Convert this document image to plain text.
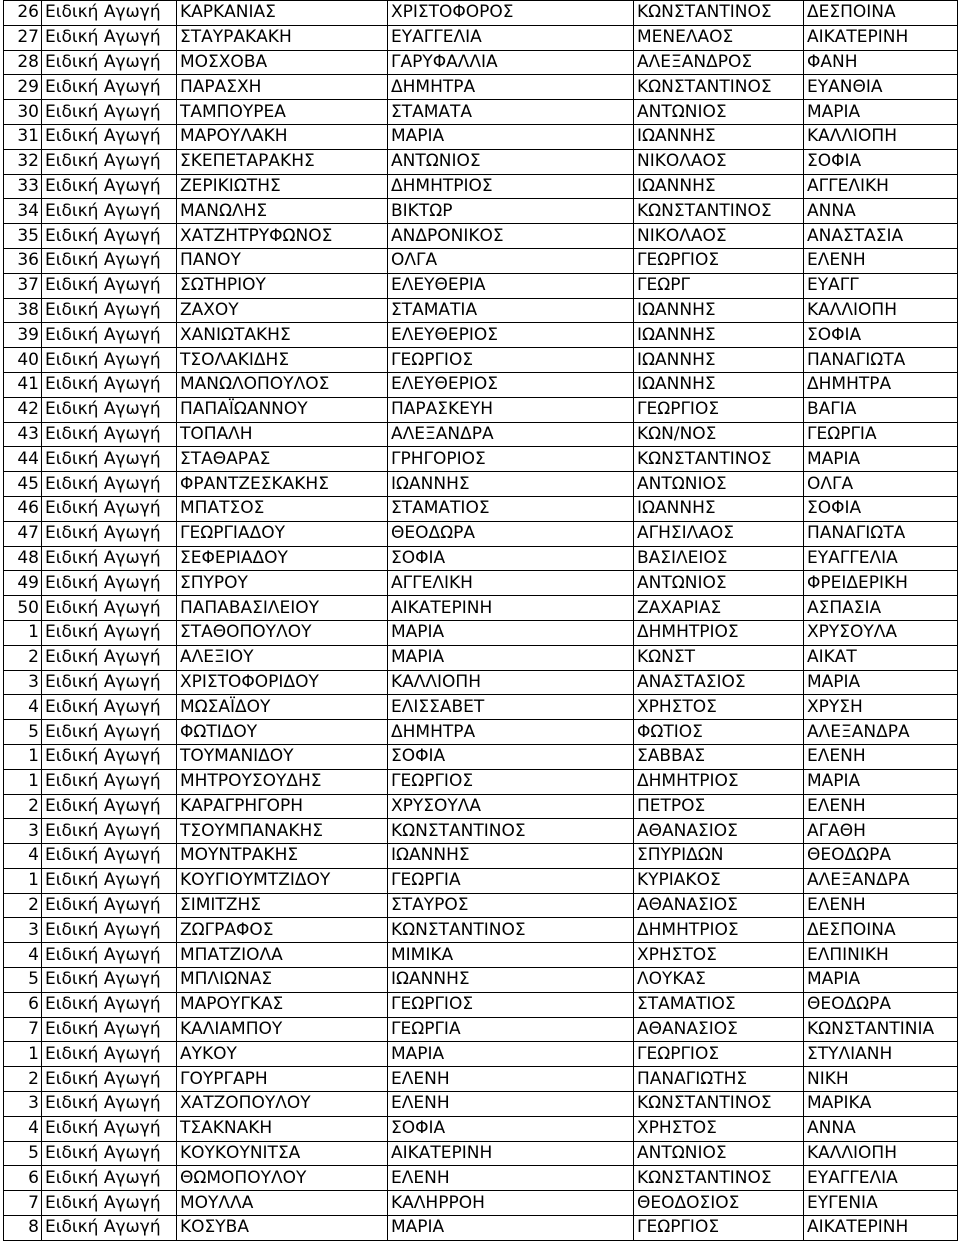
26	Ειδική Αγωγή	ΚΑΡΚΑΝΙΑΣ	ΧΡΙΣΤΟΦΟΡΟΣ	ΚΩΝΣΤΑΝΤΙΝΟΣ	ΔΕΣΠΟΙΝΑ
27	Ειδική Αγωγή	ΣΤΑΥΡΑΚΑΚΗ	ΕΥΑΓΓΕΛΙΑ	ΜΕΝΕΛΑΟΣ	ΑΙΚΑΤΕΡΙΝΗ
28	Ειδική Αγωγή	ΜΟΣΧΟΒΑ	ΓΑΡΥΦΑΛΛΙΑ	ΑΛΕΞΑΝΔΡΟΣ	ΦΑΝΗ
29	Ειδική Αγωγή	ΠΑΡΑΣΧΗ	ΔΗΜΗΤΡΑ	ΚΩΝΣΤΑΝΤΙΝΟΣ	ΕΥΑΝΘΙΑ
30	Ειδική Αγωγή	ΤΑΜΠΟΥΡΕΑ	ΣΤΑΜΑΤΑ	ΑΝΤΩΝΙΟΣ	ΜΑΡΙΑ
31	Ειδική Αγωγή	ΜΑΡΟΥΛΑΚΗ	ΜΑΡΙΑ	ΙΩΑΝΝΗΣ	ΚΑΛΛΙΟΠΗ
32	Ειδική Αγωγή	ΣΚΕΠΕΤΑΡΑΚΗΣ	ΑΝΤΩΝΙΟΣ	ΝΙΚΟΛΑΟΣ	ΣΟΦΙΑ
33	Ειδική Αγωγή	ΖΕΡΙΚΙΩΤΗΣ	ΔΗΜΗΤΡΙΟΣ	ΙΩΑΝΝΗΣ	ΑΓΓΕΛΙΚΗ
34	Ειδική Αγωγή	ΜΑΝΩΛΗΣ	ΒΙΚΤΩΡ	ΚΩΝΣΤΑΝΤΙΝΟΣ	ΑΝΝΑ
35	Ειδική Αγωγή	ΧΑΤΖΗΤΡΥΦΩΝΟΣ	ΑΝΔΡΟΝΙΚΟΣ	ΝΙΚΟΛΑΟΣ	ΑΝΑΣΤΑΣΙΑ
36	Ειδική Αγωγή	ΠΑΝΟΥ	ΟΛΓΑ	ΓΕΩΡΓΙΟΣ	ΕΛΕΝΗ
37	Ειδική Αγωγή	ΣΩΤΗΡΙΟΥ	ΕΛΕΥΘΕΡΙΑ	ΓΕΩΡΓ	ΕΥΑΓΓ
38	Ειδική Αγωγή	ΖΑΧΟΥ	ΣΤΑΜΑΤΙΑ	ΙΩΑΝΝΗΣ	ΚΑΛΛΙΟΠΗ
39	Ειδική Αγωγή	ΧΑΝΙΩΤΑΚΗΣ	ΕΛΕΥΘΕΡΙΟΣ	ΙΩΑΝΝΗΣ	ΣΟΦΙΑ
40	Ειδική Αγωγή	ΤΣΟΛΑΚΙΔΗΣ	ΓΕΩΡΓΙΟΣ	ΙΩΑΝΝΗΣ	ΠΑΝΑΓΙΩΤΑ
41	Ειδική Αγωγή	ΜΑΝΩΛΟΠΟΥΛΟΣ	ΕΛΕΥΘΕΡΙΟΣ	ΙΩΑΝΝΗΣ	ΔΗΜΗΤΡΑ
42	Ειδική Αγωγή	ΠΑΠΑΪΩΑΝΝΟΥ	ΠΑΡΑΣΚΕΥΗ	ΓΕΩΡΓΙΟΣ	ΒΑΓΙΑ
43	Ειδική Αγωγή	ΤΟΠΑΛΗ	ΑΛΕΞΑΝΔΡΑ	ΚΩΝ/ΝΟΣ	ΓΕΩΡΓΙΑ
44	Ειδική Αγωγή	ΣΤΑΘΑΡΑΣ	ΓΡΗΓΟΡΙΟΣ	ΚΩΝΣΤΑΝΤΙΝΟΣ	ΜΑΡΙΑ
45	Ειδική Αγωγή	ΦΡΑΝΤΖΕΣΚΑΚΗΣ	ΙΩΑΝΝΗΣ	ΑΝΤΩΝΙΟΣ	ΟΛΓΑ
46	Ειδική Αγωγή	ΜΠΑΤΣΟΣ	ΣΤΑΜΑΤΙΟΣ	ΙΩΑΝΝΗΣ	ΣΟΦΙΑ
47	Ειδική Αγωγή	ΓΕΩΡΓΙΑΔΟΥ	ΘΕΟΔΩΡΑ	ΑΓΗΣΙΛΑΟΣ	ΠΑΝΑΓΙΩΤΑ
48	Ειδική Αγωγή	ΣΕΦΕΡΙΑΔΟΥ	ΣΟΦΙΑ	ΒΑΣΙΛΕΙΟΣ	ΕΥΑΓΓΕΛΙΑ
49	Ειδική Αγωγή	ΣΠΥΡΟΥ	ΑΓΓΕΛΙΚΗ	ΑΝΤΩΝΙΟΣ	ΦΡΕΙΔΕΡΙΚΗ
50	Ειδική Αγωγή	ΠΑΠΑΒΑΣΙΛΕΙΟΥ	ΑΙΚΑΤΕΡΙΝΗ	ΖΑΧΑΡΙΑΣ	ΑΣΠΑΣΙΑ
1	Ειδική Αγωγή	ΣΤΑΘΟΠΟΥΛΟΥ	ΜΑΡΙΑ	ΔΗΜΗΤΡΙΟΣ	ΧΡΥΣΟΥΛΑ
2	Ειδική Αγωγή	ΑΛΕΞΙΟΥ	ΜΑΡΙΑ	ΚΩΝΣΤ	ΑΙΚΑΤ
3	Ειδική Αγωγή	ΧΡΙΣΤΟΦΟΡΙΔΟΥ	ΚΑΛΛΙΟΠΗ	ΑΝΑΣΤΑΣΙΟΣ	ΜΑΡΙΑ
4	Ειδική Αγωγή	ΜΩΣΑΪΔΟΥ	ΕΛΙΣΣΑΒΕΤ	ΧΡΗΣΤΟΣ	ΧΡΥΣΗ
5	Ειδική Αγωγή	ΦΩΤΙΔΟΥ	ΔΗΜΗΤΡΑ	ΦΩΤΙΟΣ	ΑΛΕΞΑΝΔΡΑ
1	Ειδική Αγωγή	ΤΟΥΜΑΝΙΔΟΥ	ΣΟΦΙΑ	ΣΑΒΒΑΣ	ΕΛΕΝΗ
1	Ειδική Αγωγή	ΜΗΤΡΟΥΣΟΥΔΗΣ	ΓΕΩΡΓΙΟΣ	ΔΗΜΗΤΡΙΟΣ	ΜΑΡΙΑ
2	Ειδική Αγωγή	ΚΑΡΑΓΡΗΓΟΡΗ	ΧΡΥΣΟΥΛΑ	ΠΕΤΡΟΣ	ΕΛΕΝΗ
3	Ειδική Αγωγή	ΤΣΟΥΜΠΑΝΑΚΗΣ	ΚΩΝΣΤΑΝΤΙΝΟΣ	ΑΘΑΝΑΣΙΟΣ	ΑΓΑΘΗ
4	Ειδική Αγωγή	ΜΟΥΝΤΡΑΚΗΣ	ΙΩΑΝΝΗΣ	ΣΠΥΡΙΔΩΝ	ΘΕΟΔΩΡΑ
1	Ειδική Αγωγή	ΚΟΥΓΙΟΥΜΤΖΙΔΟΥ	ΓΕΩΡΓΙΑ	ΚΥΡΙΑΚΟΣ	ΑΛΕΞΑΝΔΡΑ
2	Ειδική Αγωγή	ΣΙΜΙΤΖΗΣ	ΣΤΑΥΡΟΣ	ΑΘΑΝΑΣΙΟΣ	ΕΛΕΝΗ
3	Ειδική Αγωγή	ΖΩΓΡΑΦΟΣ	ΚΩΝΣΤΑΝΤΙΝΟΣ	ΔΗΜΗΤΡΙΟΣ	ΔΕΣΠΟΙΝΑ
4	Ειδική Αγωγή	ΜΠΑΤΖΙΟΛΑ	ΜΙΜΙΚΑ	ΧΡΗΣΤΟΣ	ΕΛΠΙΝΙΚΗ
5	Ειδική Αγωγή	ΜΠΛΙΩΝΑΣ	ΙΩΑΝΝΗΣ	ΛΟΥΚΑΣ	ΜΑΡΙΑ
6	Ειδική Αγωγή	ΜΑΡΟΥΓΚΑΣ	ΓΕΩΡΓΙΟΣ	ΣΤΑΜΑΤΙΟΣ	ΘΕΟΔΩΡΑ
7	Ειδική Αγωγή	ΚΑΛΙΑΜΠΟΥ	ΓΕΩΡΓΙΑ	ΑΘΑΝΑΣΙΟΣ	ΚΩΝΣΤΑΝΤΙΝΙΑ
1	Ειδική Αγωγή	ΑΥΚΟΥ	ΜΑΡΙΑ	ΓΕΩΡΓΙΟΣ	ΣΤΥΛΙΑΝΗ
2	Ειδική Αγωγή	ΓΟΥΡΓΑΡΗ	ΕΛΕΝΗ	ΠΑΝΑΓΙΩΤΗΣ	ΝΙΚΗ
3	Ειδική Αγωγή	ΧΑΤΖΟΠΟΥΛΟΥ	ΕΛΕΝΗ	ΚΩΝΣΤΑΝΤΙΝΟΣ	ΜΑΡΙΚΑ
4	Ειδική Αγωγή	ΤΣΑΚΝΑΚΗ	ΣΟΦΙΑ	ΧΡΗΣΤΟΣ	ΑΝΝΑ
5	Ειδική Αγωγή	ΚΟΥΚΟΥΝΙΤΣΑ	ΑΙΚΑΤΕΡΙΝΗ	ΑΝΤΩΝΙΟΣ	ΚΑΛΛΙΟΠΗ
6	Ειδική Αγωγή	ΘΩΜΟΠΟΥΛΟΥ	ΕΛΕΝΗ	ΚΩΝΣΤΑΝΤΙΝΟΣ	ΕΥΑΓΓΕΛΙΑ
7	Ειδική Αγωγή	ΜΟΥΛΛΑ	ΚΑΛΗΡΡΟΗ	ΘΕΟΔΟΣΙΟΣ	ΕΥΓΕΝΙΑ
8	Ειδική Αγωγή	ΚΟΣΥΒΑ	ΜΑΡΙΑ	ΓΕΩΡΓΙΟΣ	ΑΙΚΑΤΕΡΙΝΗ
